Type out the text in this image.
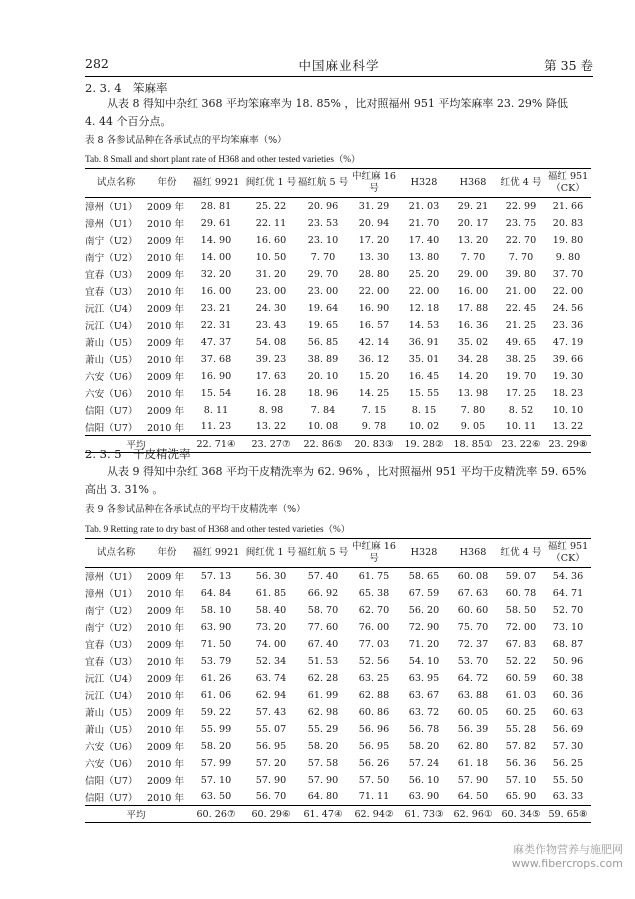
282	中国麻业科学	第 35 卷
2. 3. 4 笨麻率
从表 8 得知中杂红 368 平均笨麻率为 18. 85% ，比对照福州 951 平均笨麻率 23. 29% 降低
4. 44 个百分点。
表 8 各参试品种在各承试点的平均笨麻率（%）
Tab. 8 Small and short plant rate of H368 and other tested varieties（%）
试点名称	年份	福红 9921	闽红优 1 号	福红航 5 号	中红麻 16 号	H328	H368	红优 4 号	福红 951（CK）
漳州（U1）	2009 年	28. 81	25. 22	20. 96	31. 29	21. 03	29. 21	22. 99	21. 66
漳州（U1）	2010 年	29. 61	22. 11	23. 53	20. 94	21. 70	20. 17	23. 75	20. 83
南宁（U2）	2009 年	14. 90	16. 60	23. 10	17. 20	17. 40	13. 20	22. 70	19. 80
南宁（U2）	2010 年	14. 00	10. 50	7. 70	13. 30	13. 80	7. 70	7. 70	9. 80
宜春（U3）	2009 年	32. 20	31. 20	29. 70	28. 80	25. 20	29. 00	39. 80	37. 70
宜春（U3）	2010 年	16. 00	23. 00	23. 00	22. 00	22. 00	16. 00	21. 00	22. 00
沅江（U4）	2009 年	23. 21	24. 30	19. 64	16. 90	12. 18	17. 88	22. 45	24. 56
沅江（U4）	2010 年	22. 31	23. 43	19. 65	16. 57	14. 53	16. 36	21. 25	23. 36
萧山（U5）	2009 年	47. 37	54. 08	56. 85	42. 14	36. 91	35. 02	49. 65	47. 19
萧山（U5）	2010 年	37. 68	39. 23	38. 89	36. 12	35. 01	34. 28	38. 25	39. 66
六安（U6）	2009 年	16. 90	17. 63	20. 10	15. 20	16. 45	14. 20	19. 70	19. 30
六安（U6）	2010 年	15. 54	16. 28	18. 96	14. 25	15. 55	13. 98	17. 25	18. 23
信阳（U7）	2009 年	8. 11	8. 98	7. 84	7. 15	8. 15	7. 80	8. 52	10. 10
信阳（U7）	2010 年	11. 23	13. 22	10. 08	9. 78	10. 02	9. 05	10. 11	13. 22
平均		22. 71④	23. 27⑦	22. 86⑤	20. 83③	19. 28②	18. 85①	23. 22⑥	23. 29⑧
2. 3. 5 干皮精洗率
从表 9 得知中杂红 368 平均干皮精洗率为 62. 96% ，比对照福州 951 平均干皮精洗率 59. 65%
高出 3. 31% 。
表 9 各参试品种在各承试点的平均干皮精洗率（%）
Tab. 9 Retting rate to dry bast of H368 and other tested varieties（%）
试点名称	年份	福红 9921	闽红优 1 号	福红航 5 号	中红麻 16 号	H328	H368	红优 4 号	福红 951（CK）
漳州（U1）	2009 年	57. 13	56. 30	57. 40	61. 75	58. 65	60. 08	59. 07	54. 36
漳州（U1）	2010 年	64. 84	61. 85	66. 92	65. 38	67. 59	67. 63	60. 78	64. 71
南宁（U2）	2009 年	58. 10	58. 40	58. 70	62. 70	56. 20	60. 60	58. 50	52. 70
南宁（U2）	2010 年	63. 90	73. 20	77. 60	76. 00	72. 90	75. 70	72. 00	73. 10
宜春（U3）	2009 年	71. 50	74. 00	67. 40	77. 03	71. 20	72. 37	67. 83	68. 87
宜春（U3）	2010 年	53. 79	52. 34	51. 53	52. 56	54. 10	53. 70	52. 22	50. 96
沅江（U4）	2009 年	61. 26	63. 74	62. 28	63. 25	63. 95	64. 72	60. 59	60. 38
沅江（U4）	2010 年	61. 06	62. 94	61. 99	62. 88	63. 67	63. 88	61. 03	60. 36
萧山（U5）	2009 年	59. 22	57. 43	62. 98	60. 86	63. 72	60. 05	60. 25	60. 63
萧山（U5）	2010 年	55. 99	55. 07	55. 29	56. 96	56. 78	56. 39	55. 28	56. 69
六安（U6）	2009 年	58. 20	56. 95	58. 20	56. 95	58. 20	62. 80	57. 82	57. 30
六安（U6）	2010 年	57. 99	57. 20	57. 58	56. 26	57. 24	61. 18	56. 36	56. 25
信阳（U7）	2009 年	57. 10	57. 90	57. 90	57. 50	56. 10	57. 90	57. 10	55. 50
信阳（U7）	2010 年	63. 50	56. 70	64. 80	71. 11	63. 90	64. 50	65. 90	63. 33
平均		60. 26⑦	60. 29⑥	61. 47④	62. 94②	61. 73③	62. 96①	60. 34⑤	59. 65⑧
麻类作物营养与施肥网
www.fibercrops.com
